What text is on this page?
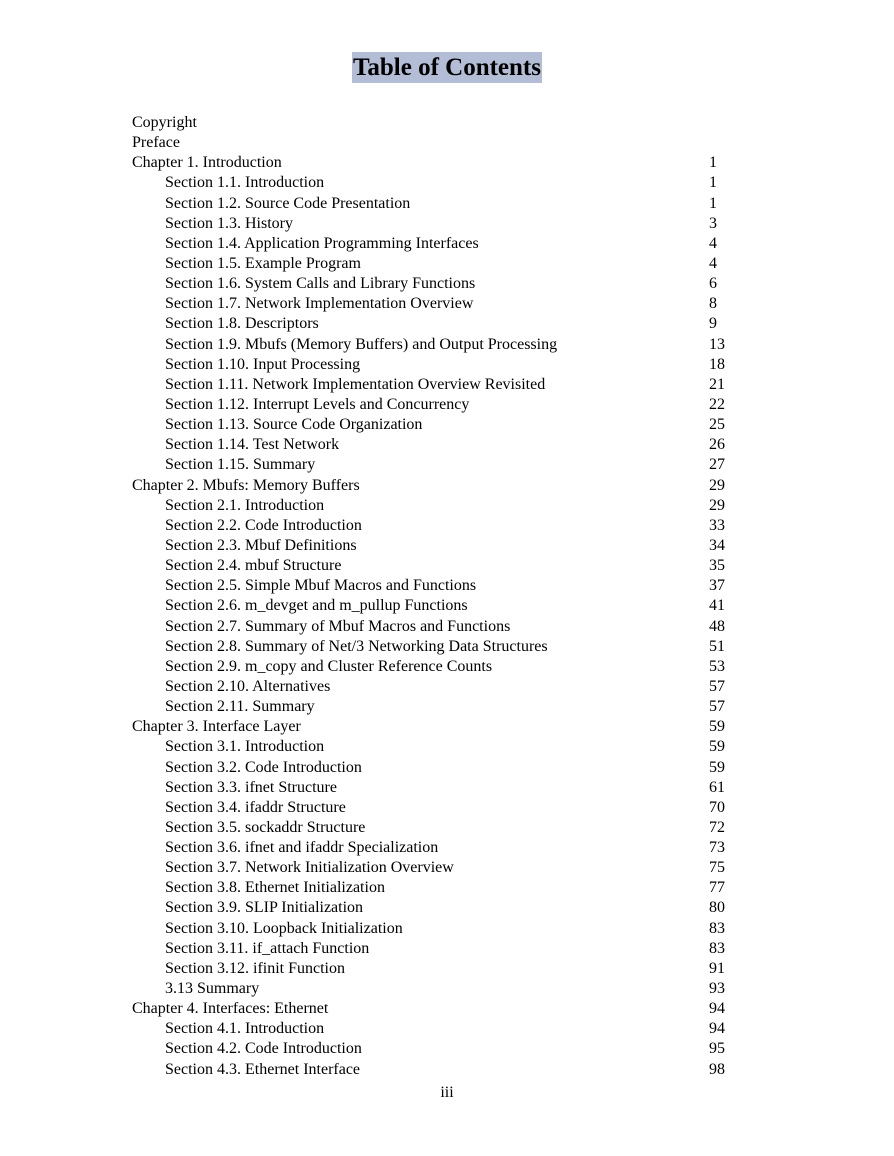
Table of Contents
Copyright
Preface
Chapter 1. Introduction	1
Section 1.1. Introduction	1
Section 1.2. Source Code Presentation	1
Section 1.3. History	3
Section 1.4. Application Programming Interfaces	4
Section 1.5. Example Program	4
Section 1.6. System Calls and Library Functions	6
Section 1.7. Network Implementation Overview	8
Section 1.8. Descriptors	9
Section 1.9. Mbufs (Memory Buffers) and Output Processing	13
Section 1.10. Input Processing	18
Section 1.11. Network Implementation Overview Revisited	21
Section 1.12. Interrupt Levels and Concurrency	22
Section 1.13. Source Code Organization	25
Section 1.14. Test Network	26
Section 1.15. Summary	27
Chapter 2. Mbufs: Memory Buffers	29
Section 2.1. Introduction	29
Section 2.2. Code Introduction	33
Section 2.3. Mbuf Definitions	34
Section 2.4. mbuf Structure	35
Section 2.5. Simple Mbuf Macros and Functions	37
Section 2.6. m_devget and m_pullup Functions	41
Section 2.7. Summary of Mbuf Macros and Functions	48
Section 2.8. Summary of Net/3 Networking Data Structures	51
Section 2.9. m_copy and Cluster Reference Counts	53
Section 2.10. Alternatives	57
Section 2.11. Summary	57
Chapter 3. Interface Layer	59
Section 3.1. Introduction	59
Section 3.2. Code Introduction	59
Section 3.3. ifnet Structure	61
Section 3.4. ifaddr Structure	70
Section 3.5. sockaddr Structure	72
Section 3.6. ifnet and ifaddr Specialization	73
Section 3.7. Network Initialization Overview	75
Section 3.8. Ethernet Initialization	77
Section 3.9. SLIP Initialization	80
Section 3.10. Loopback Initialization	83
Section 3.11. if_attach Function	83
Section 3.12. ifinit Function	91
3.13 Summary	93
Chapter 4. Interfaces: Ethernet	94
Section 4.1. Introduction	94
Section 4.2. Code Introduction	95
Section 4.3. Ethernet Interface	98
iii
